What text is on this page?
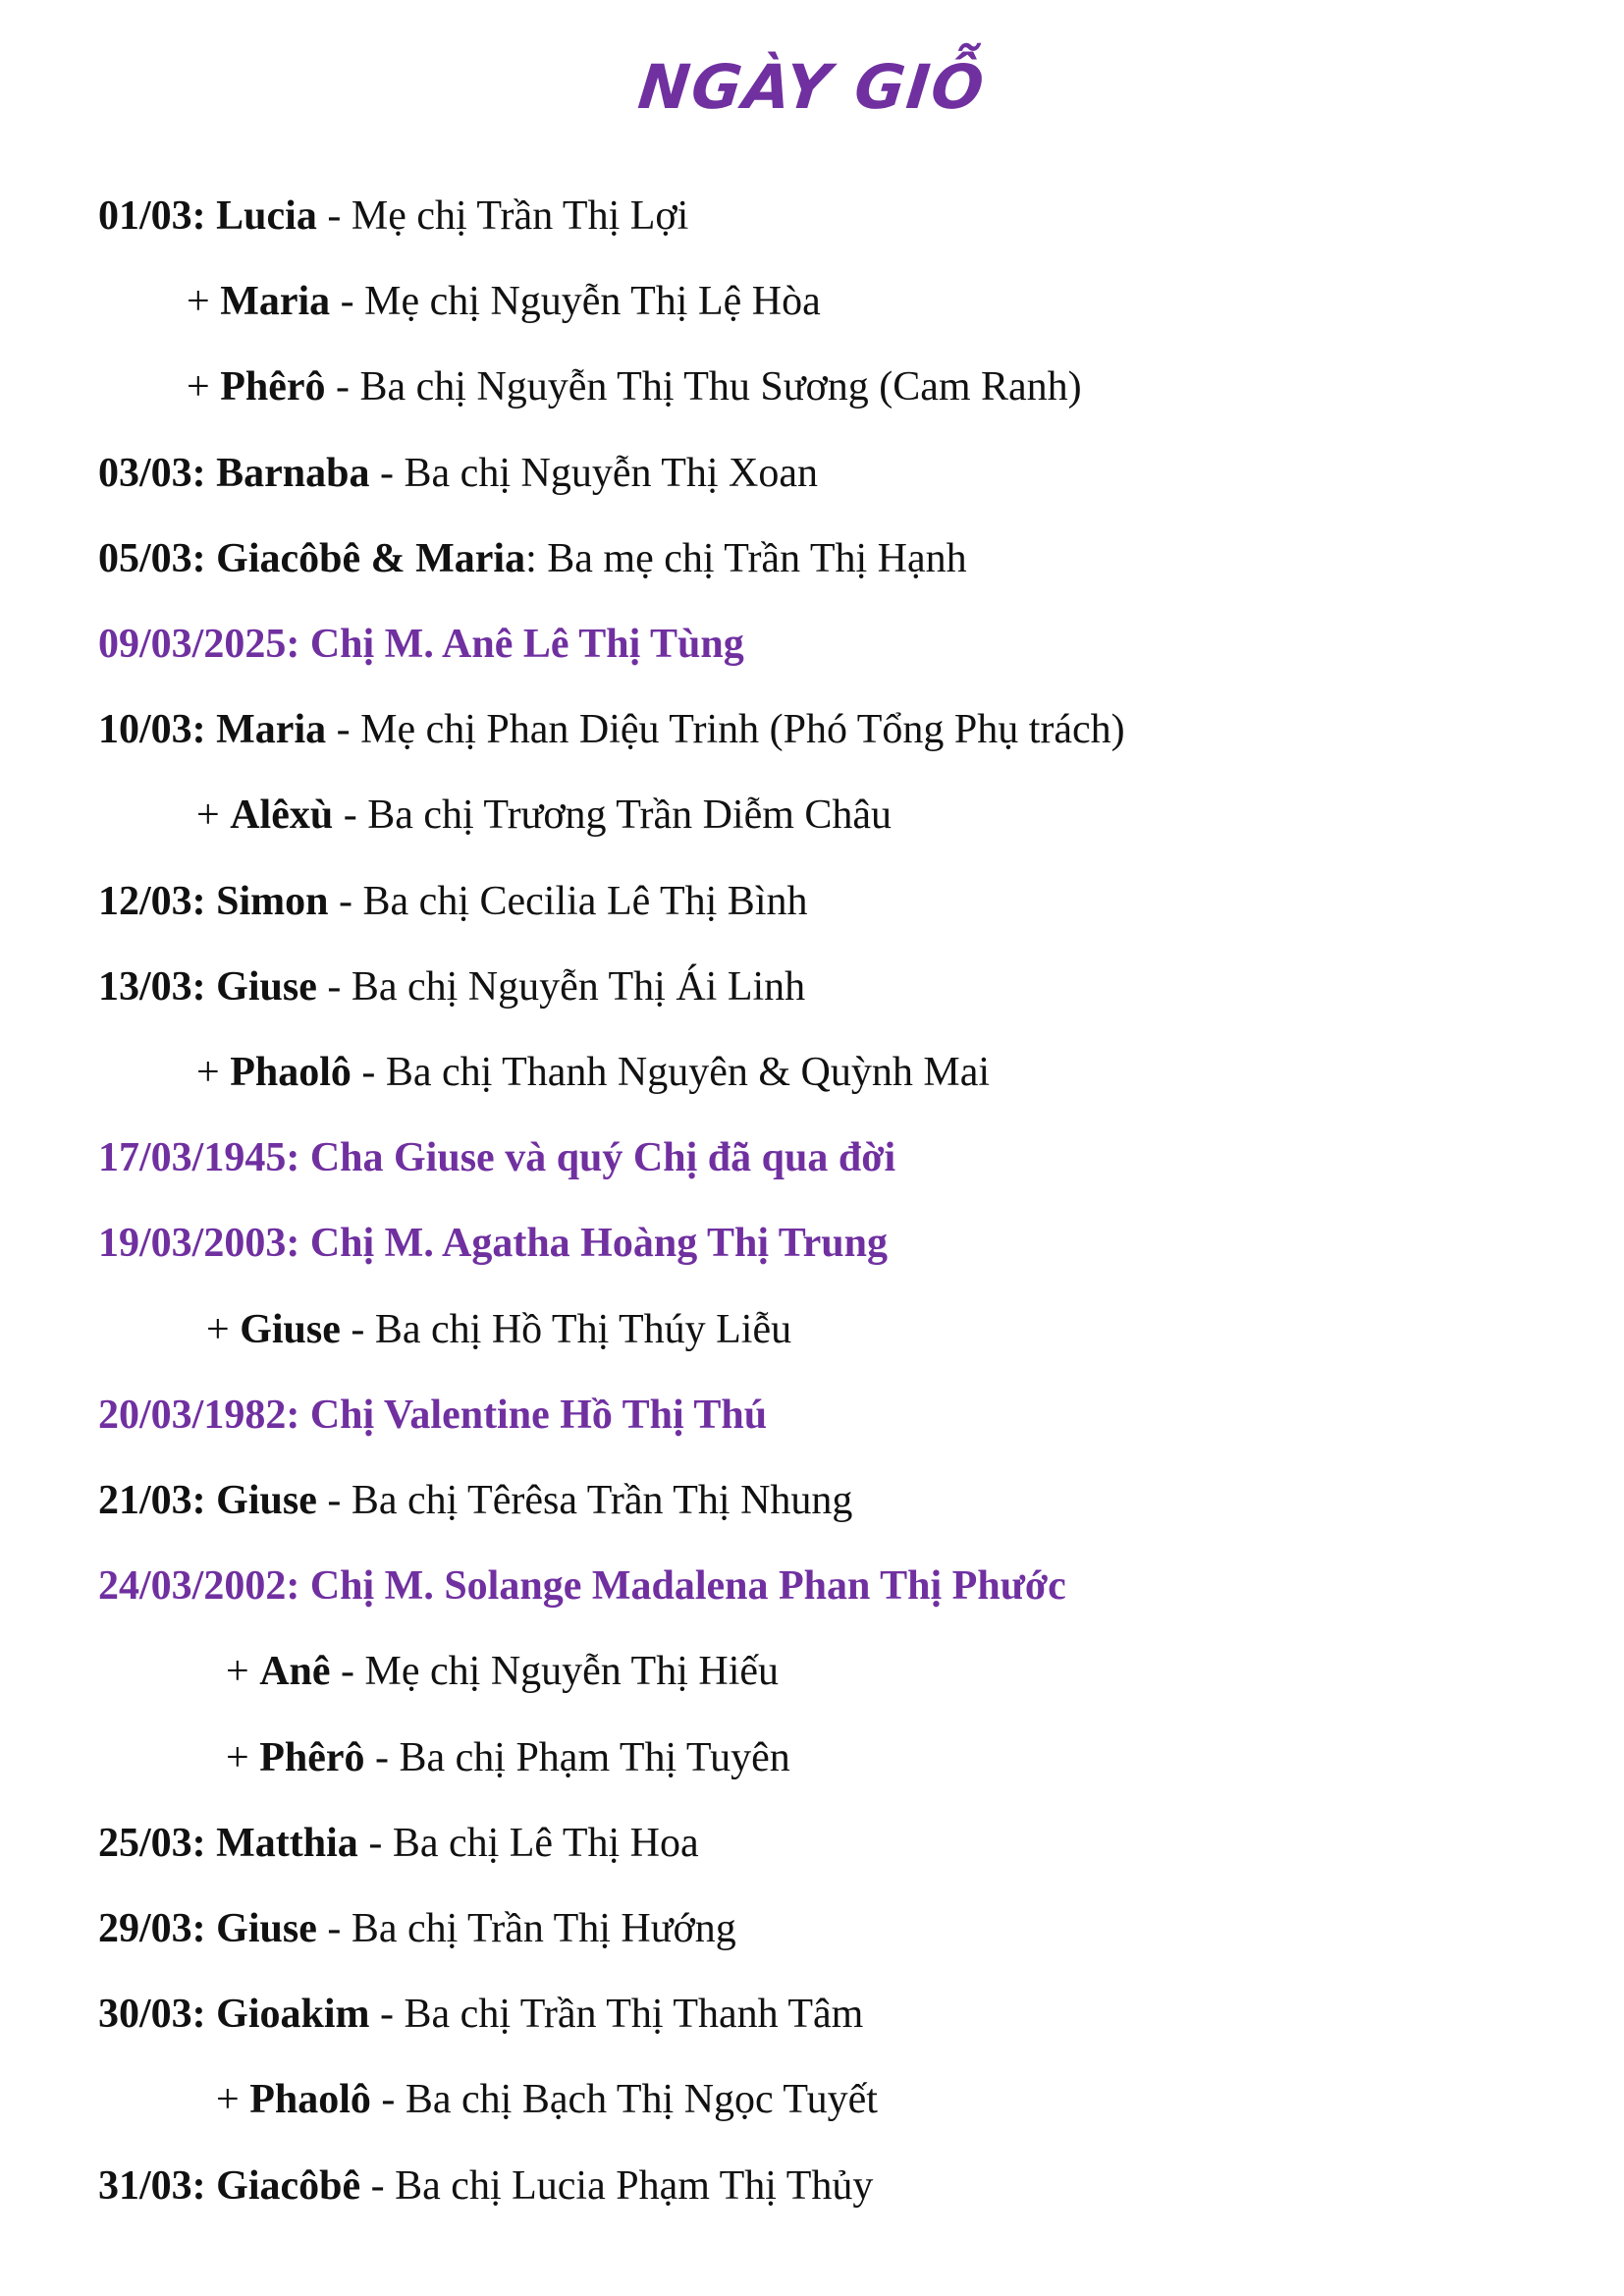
NGÀY GIỖ
01/03: Lucia - Mẹ chị Trần Thị Lợi
+ Maria - Mẹ chị Nguyễn Thị Lệ Hòa
+ Phêrô - Ba chị Nguyễn Thị Thu Sương (Cam Ranh)
03/03: Barnaba - Ba chị Nguyễn Thị Xoan
05/03: Giacôbê & Maria: Ba mẹ chị Trần Thị Hạnh
09/03/2025: Chị M. Anê Lê Thị Tùng
10/03: Maria - Mẹ chị Phan Diệu Trinh (Phó Tổng Phụ trách)
+ Alêxù - Ba chị Trương Trần Diễm Châu
12/03: Simon - Ba chị Cecilia Lê Thị Bình
13/03: Giuse - Ba chị Nguyễn Thị Ái Linh
+ Phaolô - Ba chị Thanh Nguyên & Quỳnh Mai
17/03/1945: Cha Giuse và quý Chị đã qua đời
19/03/2003: Chị M. Agatha Hoàng Thị Trung
+ Giuse - Ba chị Hồ Thị Thúy Liễu
20/03/1982: Chị Valentine Hồ Thị Thú
21/03: Giuse - Ba chị Têrêsa Trần Thị Nhung
24/03/2002: Chị M. Solange Madalena Phan Thị Phước
+ Anê - Mẹ chị Nguyễn Thị Hiếu
+ Phêrô - Ba chị Phạm Thị Tuyên
25/03: Matthia - Ba chị Lê Thị Hoa
29/03: Giuse - Ba chị Trần Thị Hướng
30/03: Gioakim - Ba chị Trần Thị Thanh Tâm
+ Phaolô - Ba chị Bạch Thị Ngọc Tuyết
31/03: Giacôbê - Ba chị Lucia Phạm Thị Thủy
